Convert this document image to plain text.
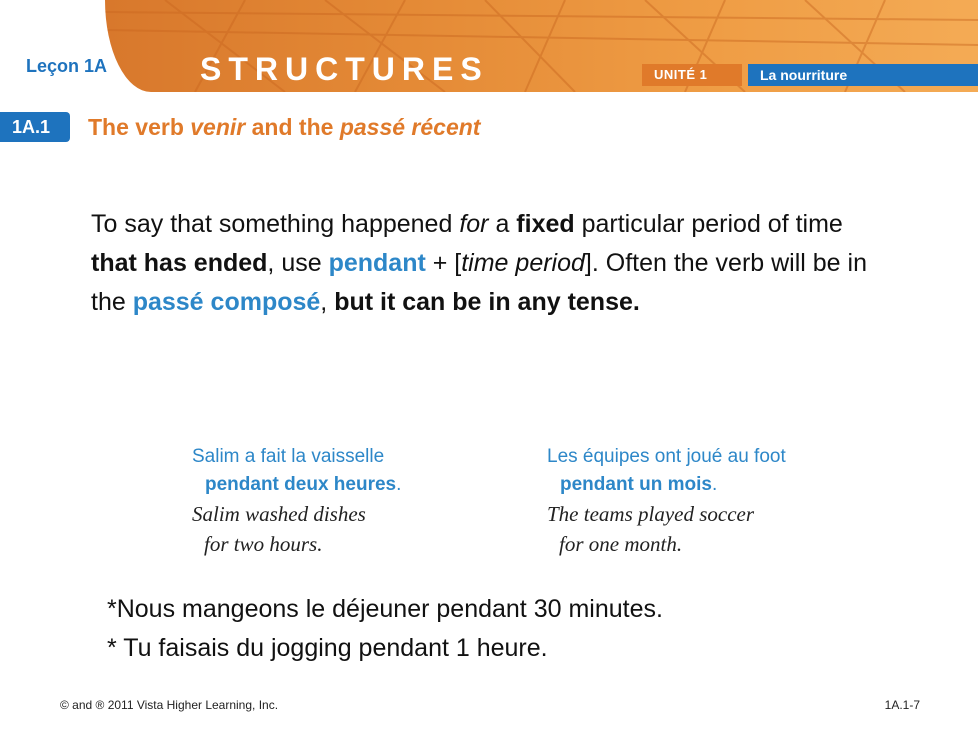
Leçon 1A	STRUCTURES	UNITÉ 1	La nourriture
1A.1	The verb venir and the passé récent
To say that something happened for a fixed particular period of time that has ended, use pendant + [time period]. Often the verb will be in the passé composé, but it can be in any tense.
Salim a fait la vaisselle
pendant deux heures.
Salim washed dishes
for two hours.
Les équipes ont joué au foot
pendant un mois.
The teams played soccer
for one month.
*Nous mangeons le déjeuner pendant 30 minutes.
* Tu faisais du jogging pendant 1 heure.
© and ® 2011 Vista Higher Learning, Inc.	1A.1-7
